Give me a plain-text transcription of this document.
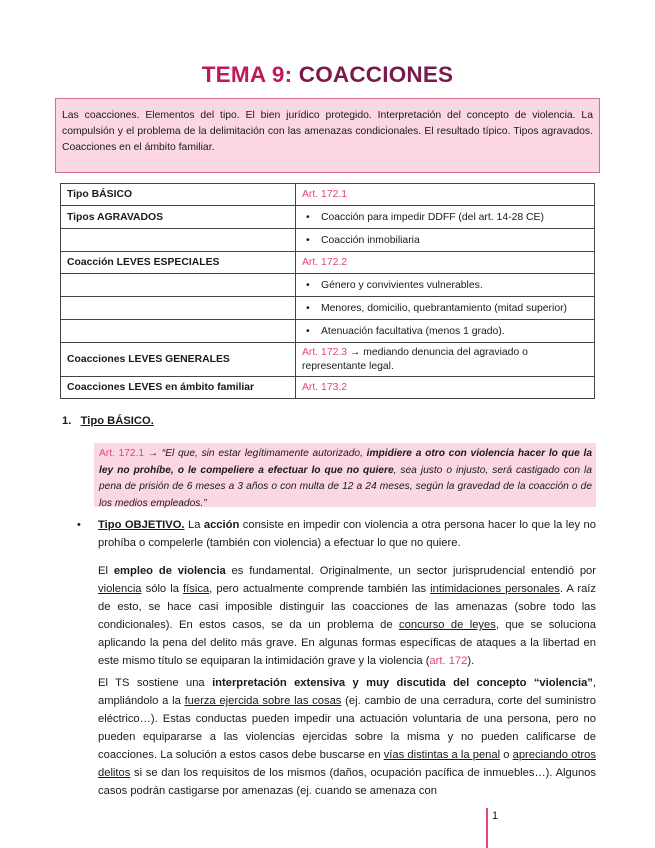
TEMA 9: COACCIONES
Las coacciones. Elementos del tipo. El bien jurídico protegido. Interpretación del concepto de violencia. La compulsión y el problema de la delimitación con las amenazas condicionales. El resultado típico. Tipos agravados. Coacciones en el ámbito familiar.
Tipo BÁSICO	Art. 172.1
Tipos AGRAVADOS	• Coacción para impedir DDFF (del art. 14-28 CE)
	• Coacción inmobiliaria
Coacción LEVES ESPECIALES	Art. 172.2
	• Género y convivientes vulnerables.
	• Menores, domicilio, quebrantamiento (mitad superior)
	• Atenuación facultativa (menos 1 grado).
Coacciones LEVES GENERALES	Art. 172.3 → mediando denuncia del agraviado o representante legal.
Coacciones LEVES en ámbito familiar	Art. 173.2
1. Tipo BÁSICO.
Art. 172.1 → “El que, sin estar legítimamente autorizado, impidiere a otro con violencia hacer lo que la ley no prohíbe, o le compeliere a efectuar lo que no quiere, sea justo o injusto, será castigado con la pena de prisión de 6 meses a 3 años o con multa de 12 a 24 meses, según la gravedad de la coacción o de los medios empleados.”
• Tipo OBJETIVO. La acción consiste en impedir con violencia a otra persona hacer lo que la ley no prohíba o compelerle (también con violencia) a efectuar lo que no quiere.

El empleo de violencia es fundamental. Originalmente, un sector jurisprudencial entendió por violencia sólo la física, pero actualmente comprende también las intimidaciones personales. A raíz de esto, se hace casi imposible distinguir las coacciones de las amenazas (sobre todo las condicionales). En estos casos, se da un problema de concurso de leyes, que se soluciona aplicando la pena del delito más grave. En algunas formas específicas de ataques a la libertad en este mismo título se equiparan la intimidación grave y la violencia (art. 172).

El TS sostiene una interpretación extensiva y muy discutida del concepto “violencia”, ampliándolo a la fuerza ejercida sobre las cosas (ej. cambio de una cerradura, corte del suministro eléctrico…). Estas conductas pueden impedir una actuación voluntaria de una persona, pero no pueden equipararse a las violencias ejercidas sobre la misma y no pueden calificarse de coacciones. La solución a estos casos debe buscarse en vías distintas a la penal o apreciando otros delitos si se dan los requisitos de los mismos (daños, ocupación pacífica de inmuebles…). Algunos casos podrán castigarse por amenazas (ej. cuando se amenaza con

1
